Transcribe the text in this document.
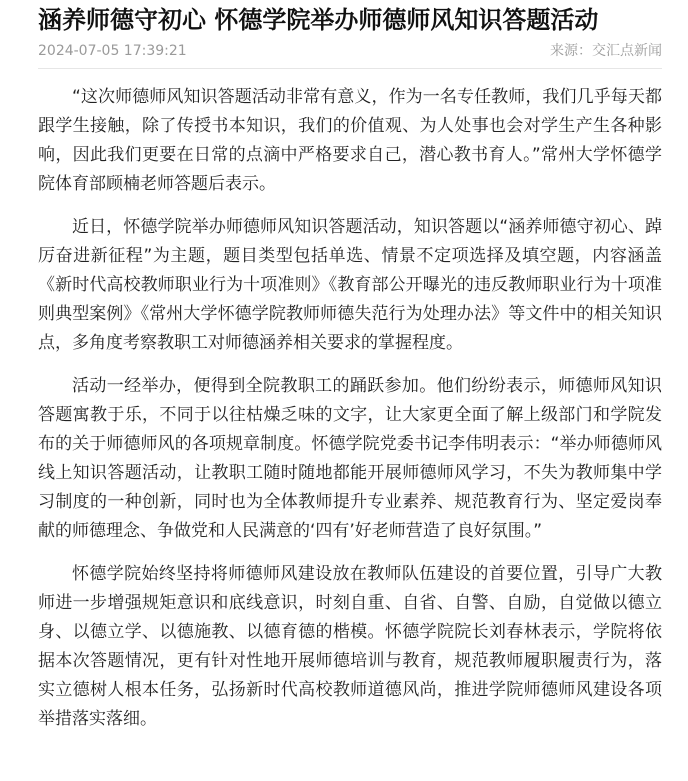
涵养师德守初心 怀德学院举办师德师风知识答题活动
2024-07-05 17:39:21	来源：交汇点新闻

“这次师德师风知识答题活动非常有意义，作为一名专任教师，我们几乎每天都跟学生接触，除了传授书本知识，我们的价值观、为人处事也会对学生产生各种影响，因此我们更要在日常的点滴中严格要求自己，潜心教书育人。”常州大学怀德学院体育部顾楠老师答题后表示。

近日，怀德学院举办师德师风知识答题活动，知识答题以“涵养师德守初心、踔厉奋进新征程”为主题，题目类型包括单选、情景不定项选择及填空题，内容涵盖《新时代高校教师职业行为十项准则》《教育部公开曝光的违反教师职业行为十项准则典型案例》《常州大学怀德学院教师师德失范行为处理办法》等文件中的相关知识点，多角度考察教职工对师德涵养相关要求的掌握程度。

活动一经举办，便得到全院教职工的踊跃参加。他们纷纷表示，师德师风知识答题寓教于乐，不同于以往枯燥乏味的文字，让大家更全面了解上级部门和学院发布的关于师德师风的各项规章制度。怀德学院党委书记李伟明表示：“举办师德师风线上知识答题活动，让教职工随时随地都能开展师德师风学习，不失为教师集中学习制度的一种创新，同时也为全体教师提升专业素养、规范教育行为、坚定爱岗奉献的师德理念、争做党和人民满意的‘四有’好老师营造了良好氛围。”

怀德学院始终坚持将师德师风建设放在教师队伍建设的首要位置，引导广大教师进一步增强规矩意识和底线意识，时刻自重、自省、自警、自励，自觉做以德立身、以德立学、以德施教、以德育德的楷模。怀德学院院长刘春林表示，学院将依据本次答题情况，更有针对性地开展师德培训与教育，规范教师履职履责行为，落实立德树人根本任务，弘扬新时代高校教师道德风尚，推进学院师德师风建设各项举措落实落细。
